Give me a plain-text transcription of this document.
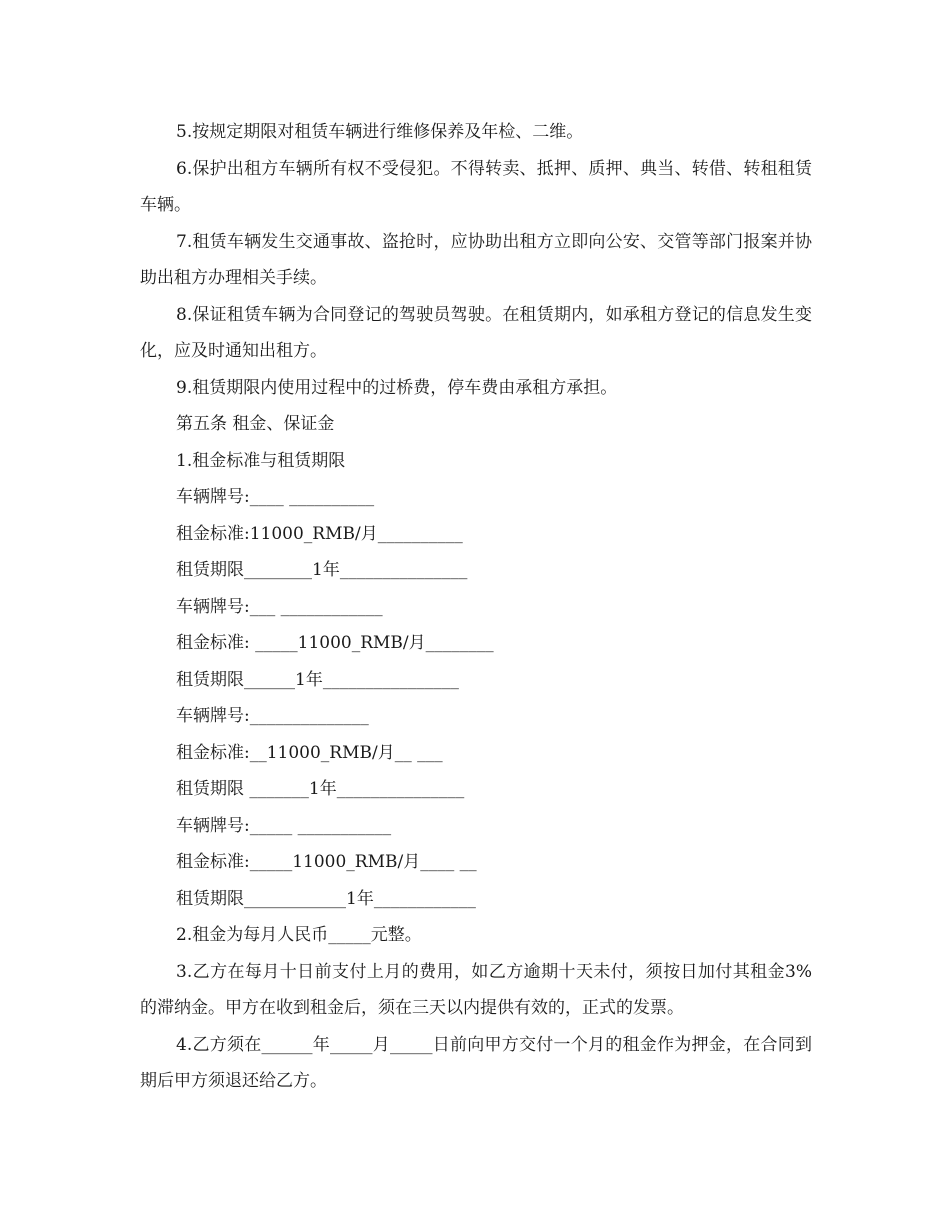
5.按规定期限对租赁车辆进行维修保养及年检、二维。

6.保护出租方车辆所有权不受侵犯。不得转卖、抵押、质押、典当、转借、转租租赁车辆。

7.租赁车辆发生交通事故、盗抢时，应协助出租方立即向公安、交管等部门报案并协助出租方办理相关手续。

8.保证租赁车辆为合同登记的驾驶员驾驶。在租赁期内，如承租方登记的信息发生变化，应及时通知出租方。

9.租赁期限内使用过程中的过桥费，停车费由承租方承担。

第五条 租金、保证金

1.租金标准与租赁期限

车辆牌号:____ __________

租金标准:11000_RMB/月__________

租赁期限________1年_______________

车辆牌号:___ ____________

租金标准: _____11000_RMB/月________

租赁期限______1年________________

车辆牌号:______________

租金标准:__11000_RMB/月__ ___

租赁期限 _______1年_______________

车辆牌号:_____ ___________

租金标准:_____11000_RMB/月____ __

租赁期限____________1年____________

2.租金为每月人民币_____元整。

3.乙方在每月十日前支付上月的费用，如乙方逾期十天未付，须按日加付其租金3%的滞纳金。甲方在收到租金后，须在三天以内提供有效的，正式的发票。

4.乙方须在______年_____月_____日前向甲方交付一个月的租金作为押金，在合同到期后甲方须退还给乙方。
